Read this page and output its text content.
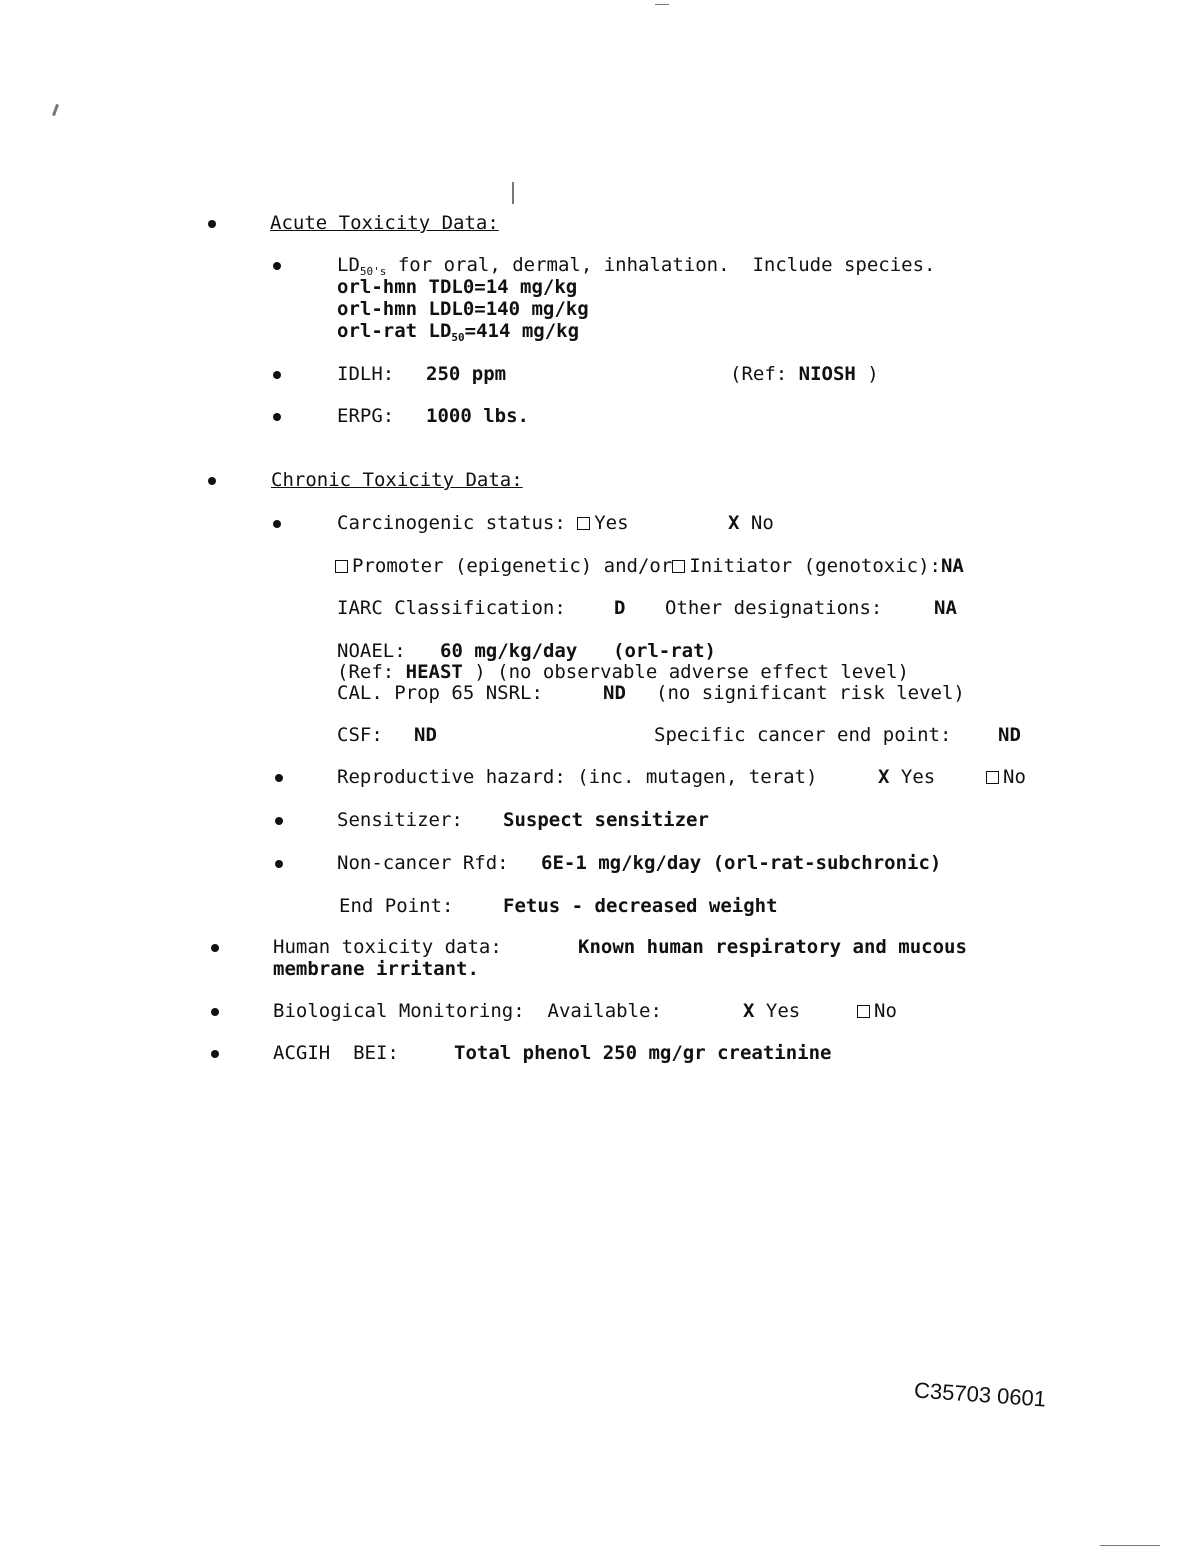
Acute Toxicity Data:
$LD_{50's}$ for oral, dermal, inhalation.  Include species.
orl-hmn TDL0=14 mg/kg
orl-hmn LDL0=140 mg/kg
orl-rat $LD_{50}=414$ mg/kg
IDLH: 250 ppm	(Ref: NIOSH )
ERPG: 1000 lbs.
Chronic Toxicity Data:
Carcinogenic status: Yes	X No
Promoter (epigenetic) and/or Initiator (genotoxic):NA
IARC Classification:	D Other designations:	NA
NOAEL: 60 mg/kg/day (orl-rat)
(Ref: HEAST ) (no observable adverse effect level)
CAL. Prop 65 NSRL:	ND (no significant risk level)
CSF: ND	Specific cancer end point: ND
Reproductive hazard: (inc. mutagen, terat)	X Yes	No
Sensitizer: Suspect sensitizer
Non-cancer Rfd: 6E-1 mg/kg/day (orl-rat-subchronic)
End Point:	Fetus - decreased weight
Human toxicity data:	Known human respiratory and mucous
membrane irritant.
Biological Monitoring:  Available:	X Yes	No
ACGIH  BEI:	Total phenol 250 mg/gr creatinine
C35703 0601
